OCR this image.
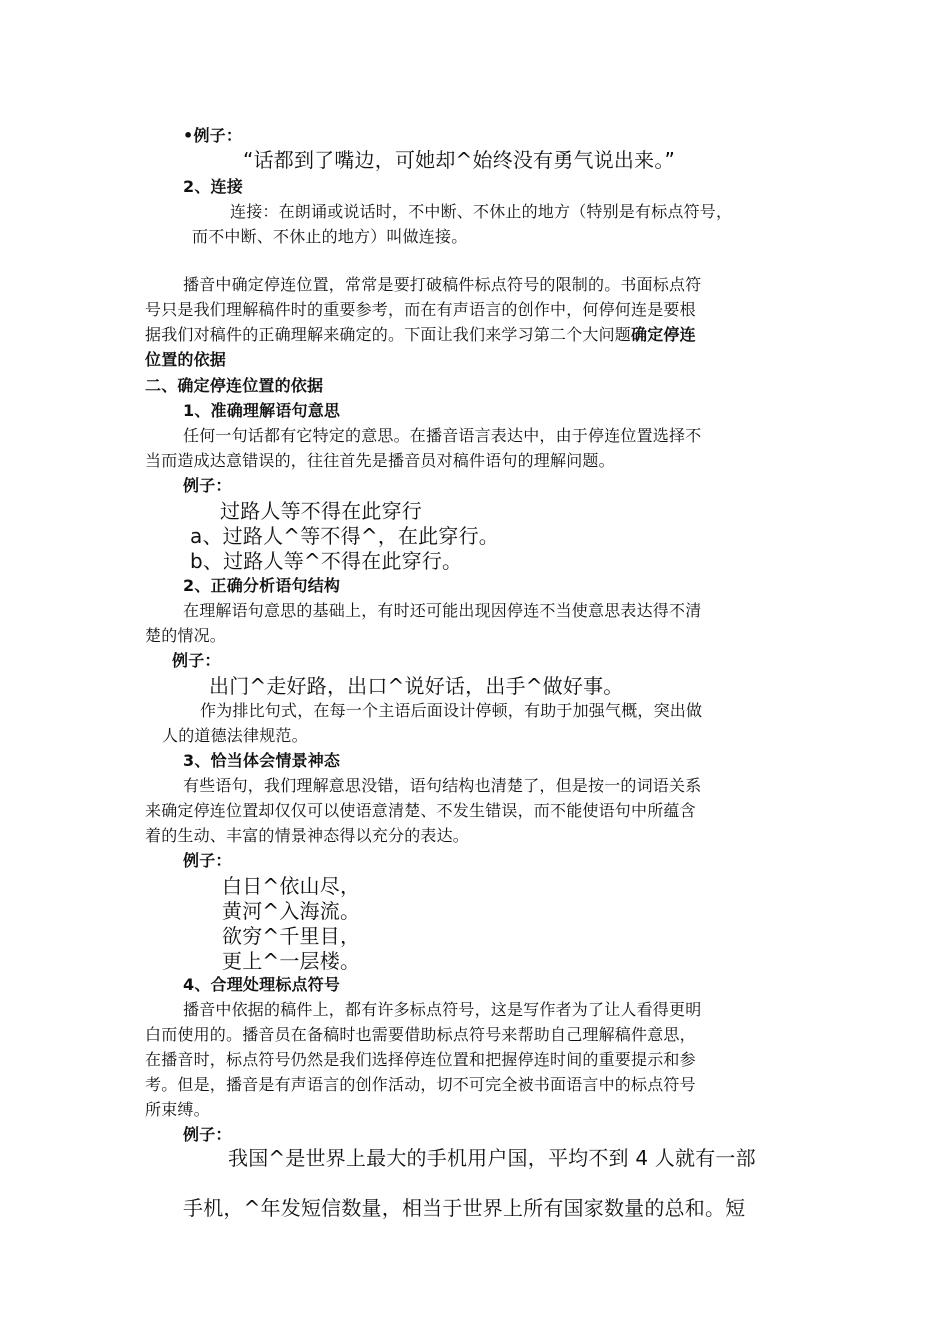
• 例子：

“话都到了嘴边，可她却^始终没有勇气说出来。”

2、连接

连接：在朗诵或说话时，不中断、不休止的地方（特别是有标点符号，

而不中断、不休止的地方）叫做连接。

播音中确定停连位置，常常是要打破稿件标点符号的限制的。书面标点符

号只是我们理解稿件时的重要参考，而在有声语言的创作中，何停何连是要根

据我们对稿件的正确理解来确定的。下面让我们来学习第二个大问题确定停连

位置的依据

二、确定停连位置的依据

1、准确理解语句意思

任何一句话都有它特定的意思。在播音语言表达中，由于停连位置选择不

当而造成达意错误的，往往首先是播音员对稿件语句的理解问题。

例子：

过路人等不得在此穿行

a、过路人^等不得^，在此穿行。

b、过路人等^不得在此穿行。

2、正确分析语句结构

在理解语句意思的基础上，有时还可能出现因停连不当使意思表达得不清

楚的情况。

例子：

出门^走好路，出口^说好话，出手^做好事。

作为排比句式，在每一个主语后面设计停顿，有助于加强气概，突出做

人的道德法律规范。

3、恰当体会情景神态

有些语句，我们理解意思没错，语句结构也清楚了，但是按一的词语关系

来确定停连位置却仅仅可以使语意清楚、不发生错误，而不能使语句中所蕴含

着的生动、丰富的情景神态得以充分的表达。

例子：

白日^依山尽，

黄河^入海流。

欲穷^千里目，

更上^一层楼。

4、合理处理标点符号

播音中依据的稿件上，都有许多标点符号，这是写作者为了让人看得更明

白而使用的。播音员在备稿时也需要借助标点符号来帮助自己理解稿件意思，

在播音时，标点符号仍然是我们选择停连位置和把握停连时间的重要提示和参

考。但是，播音是有声语言的创作活动，切不可完全被书面语言中的标点符号

所束缚。

例子：

我国^是世界上最大的手机用户国，平均不到 4 人就有一部

手机，^年发短信数量，相当于世界上所有国家数量的总和。短
